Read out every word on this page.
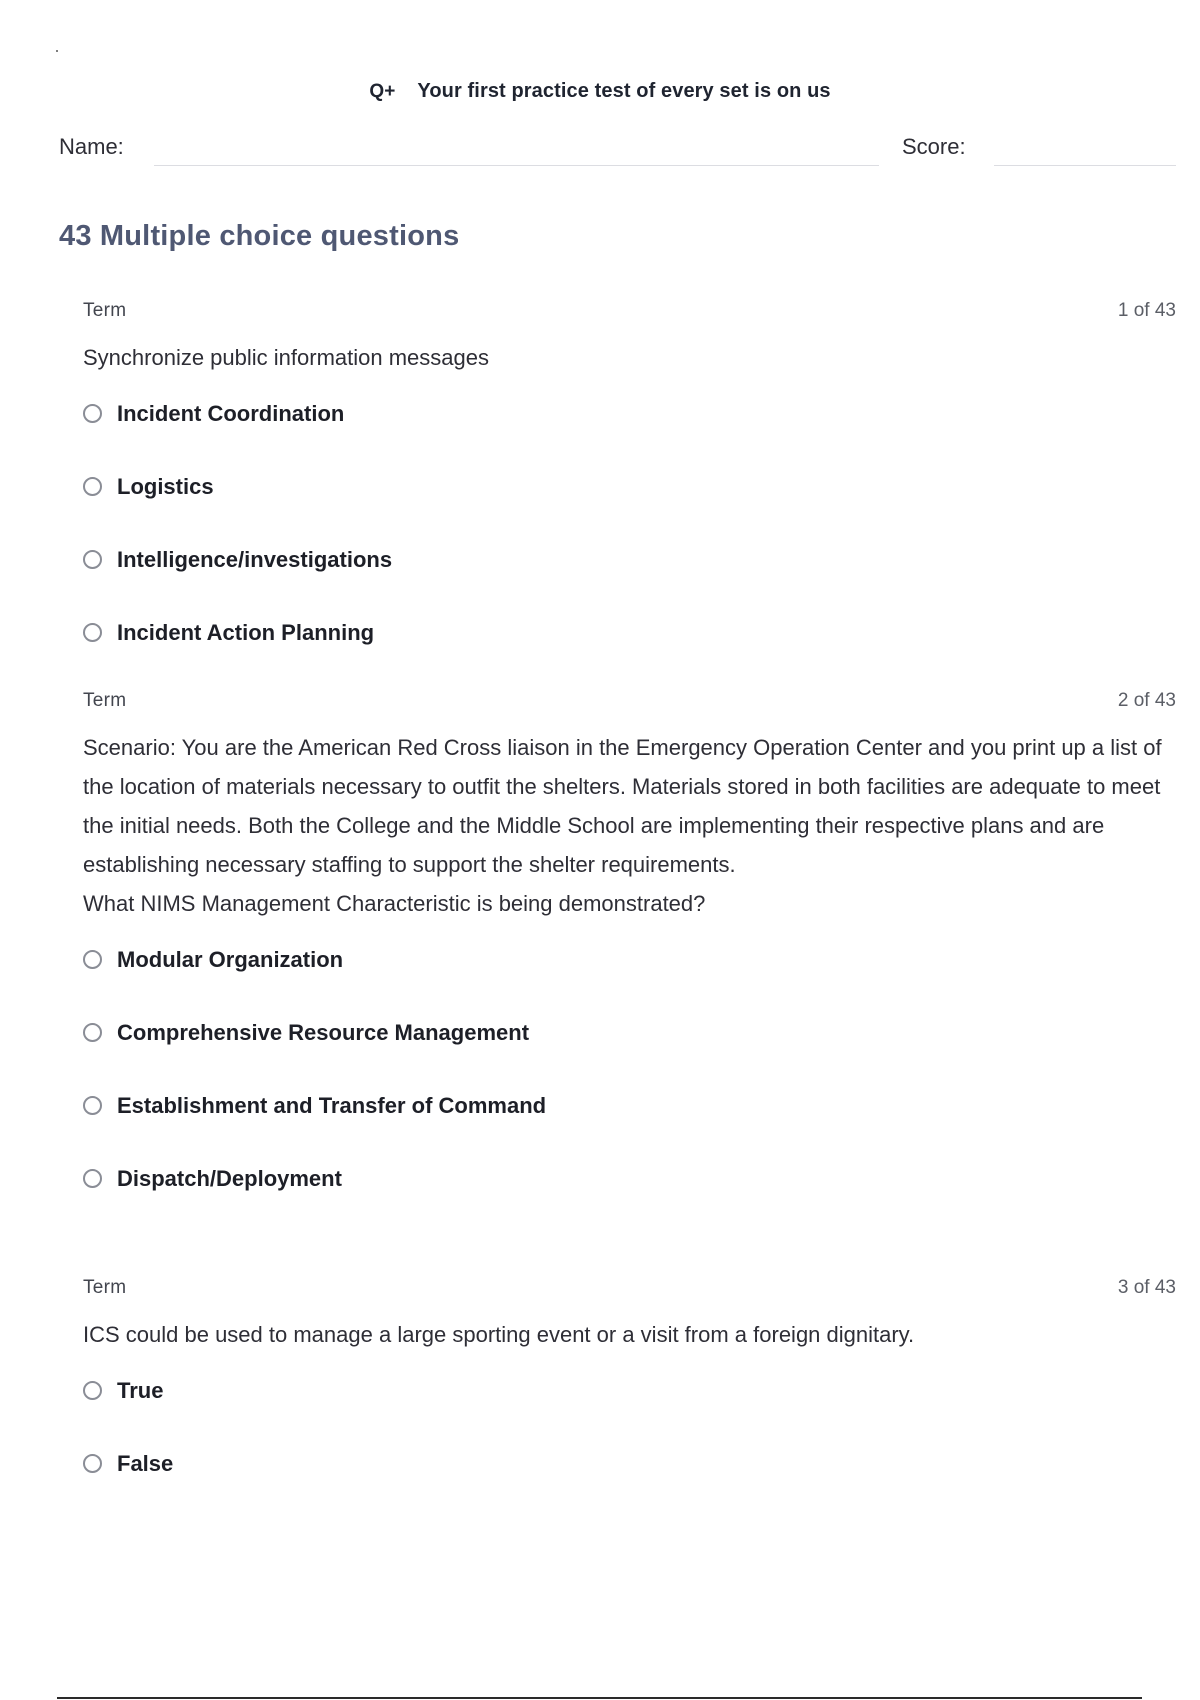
Q+ Your first practice test of every set is on us
Name:	Score:
43 Multiple choice questions
Term	1 of 43
Synchronize public information messages
Incident Coordination
Logistics
Intelligence/investigations
Incident Action Planning
Term	2 of 43
Scenario: You are the American Red Cross liaison in the Emergency Operation Center and you print up a list of the location of materials necessary to outfit the shelters. Materials stored in both facilities are adequate to meet the initial needs. Both the College and the Middle School are implementing their respective plans and are establishing necessary staffing to support the shelter requirements.
What NIMS Management Characteristic is being demonstrated?
Modular Organization
Comprehensive Resource Management
Establishment and Transfer of Command
Dispatch/Deployment
Term	3 of 43
ICS could be used to manage a large sporting event or a visit from a foreign dignitary.
True
False
